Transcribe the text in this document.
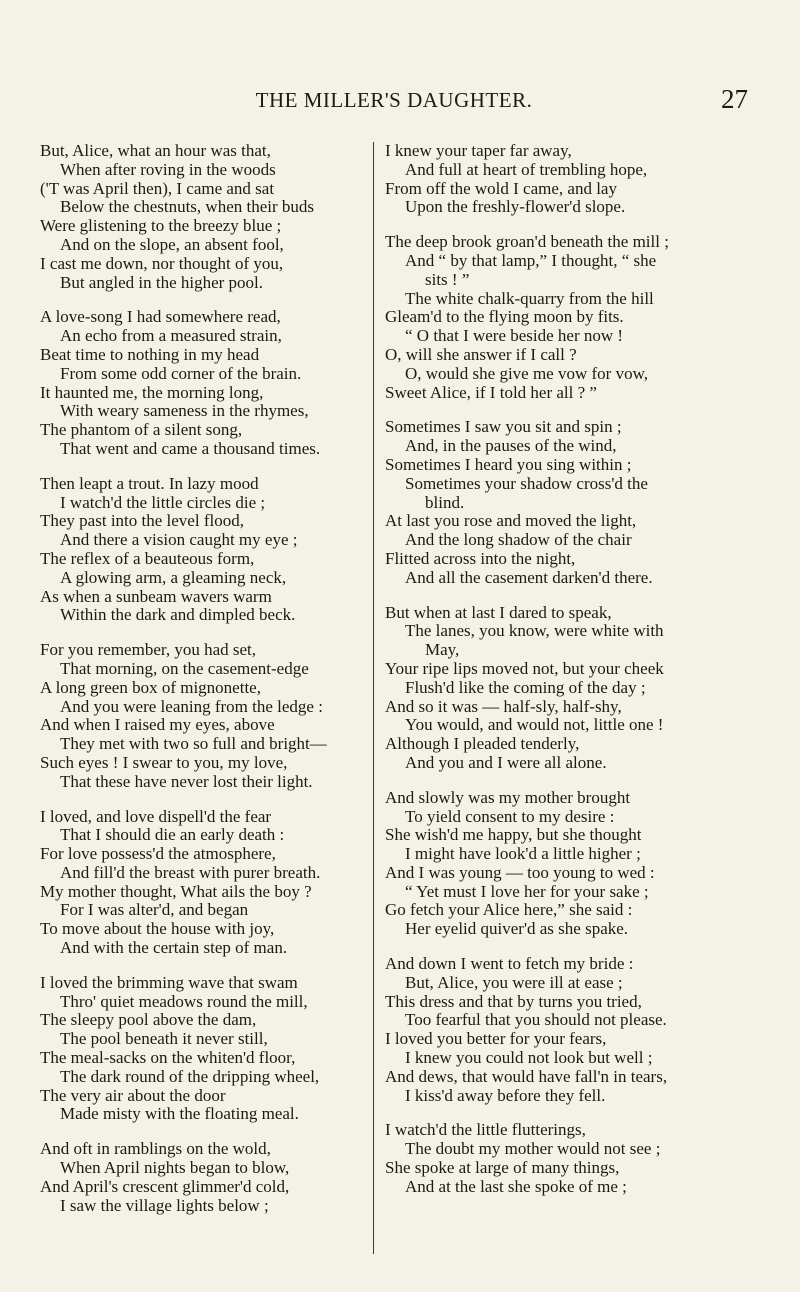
THE MILLER'S DAUGHTER.	27
But, Alice, what an hour was that,
When after roving in the woods
('T was April then), I came and sat
Below the chestnuts, when their buds
Were glistening to the breezy blue ;
And on the slope, an absent fool,
I cast me down, nor thought of you,
But angled in the higher pool.
A love-song I had somewhere read,
An echo from a measured strain,
Beat time to nothing in my head
From some odd corner of the brain.
It haunted me, the morning long,
With weary sameness in the rhymes,
The phantom of a silent song,
That went and came a thousand times.
Then leapt a trout. In lazy mood
I watch'd the little circles die ;
They past into the level flood,
And there a vision caught my eye ;
The reflex of a beauteous form,
A glowing arm, a gleaming neck,
As when a sunbeam wavers warm
Within the dark and dimpled beck.
For you remember, you had set,
That morning, on the casement-edge
A long green box of mignonette,
And you were leaning from the ledge :
And when I raised my eyes, above
They met with two so full and bright—
Such eyes ! I swear to you, my love,
That these have never lost their light.
I loved, and love dispell'd the fear
That I should die an early death :
For love possess'd the atmosphere,
And fill'd the breast with purer breath.
My mother thought, What ails the boy ?
For I was alter'd, and began
To move about the house with joy,
And with the certain step of man.
I loved the brimming wave that swam
Thro' quiet meadows round the mill,
The sleepy pool above the dam,
The pool beneath it never still,
The meal-sacks on the whiten'd floor,
The dark round of the dripping wheel,
The very air about the door
Made misty with the floating meal.
And oft in ramblings on the wold,
When April nights began to blow,
And April's crescent glimmer'd cold,
I saw the village lights below ;
I knew your taper far away,
And full at heart of trembling hope,
From off the wold I came, and lay
Upon the freshly-flower'd slope.
The deep brook groan'd beneath the mill ;
And “ by that lamp,” I thought, “ she
sits ! ”
The white chalk-quarry from the hill
Gleam'd to the flying moon by fits.
“ O that I were beside her now !
O, will she answer if I call ?
O, would she give me vow for vow,
Sweet Alice, if I told her all ? ”
Sometimes I saw you sit and spin ;
And, in the pauses of the wind,
Sometimes I heard you sing within ;
Sometimes your shadow cross'd the
blind.
At last you rose and moved the light,
And the long shadow of the chair
Flitted across into the night,
And all the casement darken'd there.
But when at last I dared to speak,
The lanes, you know, were white with
May,
Your ripe lips moved not, but your cheek
Flush'd like the coming of the day ;
And so it was — half-sly, half-shy,
You would, and would not, little one !
Although I pleaded tenderly,
And you and I were all alone.
And slowly was my mother brought
To yield consent to my desire :
She wish'd me happy, but she thought
I might have look'd a little higher ;
And I was young — too young to wed :
“ Yet must I love her for your sake ;
Go fetch your Alice here,” she said :
Her eyelid quiver'd as she spake.
And down I went to fetch my bride :
But, Alice, you were ill at ease ;
This dress and that by turns you tried,
Too fearful that you should not please.
I loved you better for your fears,
I knew you could not look but well ;
And dews, that would have fall'n in tears,
I kiss'd away before they fell.
I watch'd the little flutterings,
The doubt my mother would not see ;
She spoke at large of many things,
And at the last she spoke of me ;
